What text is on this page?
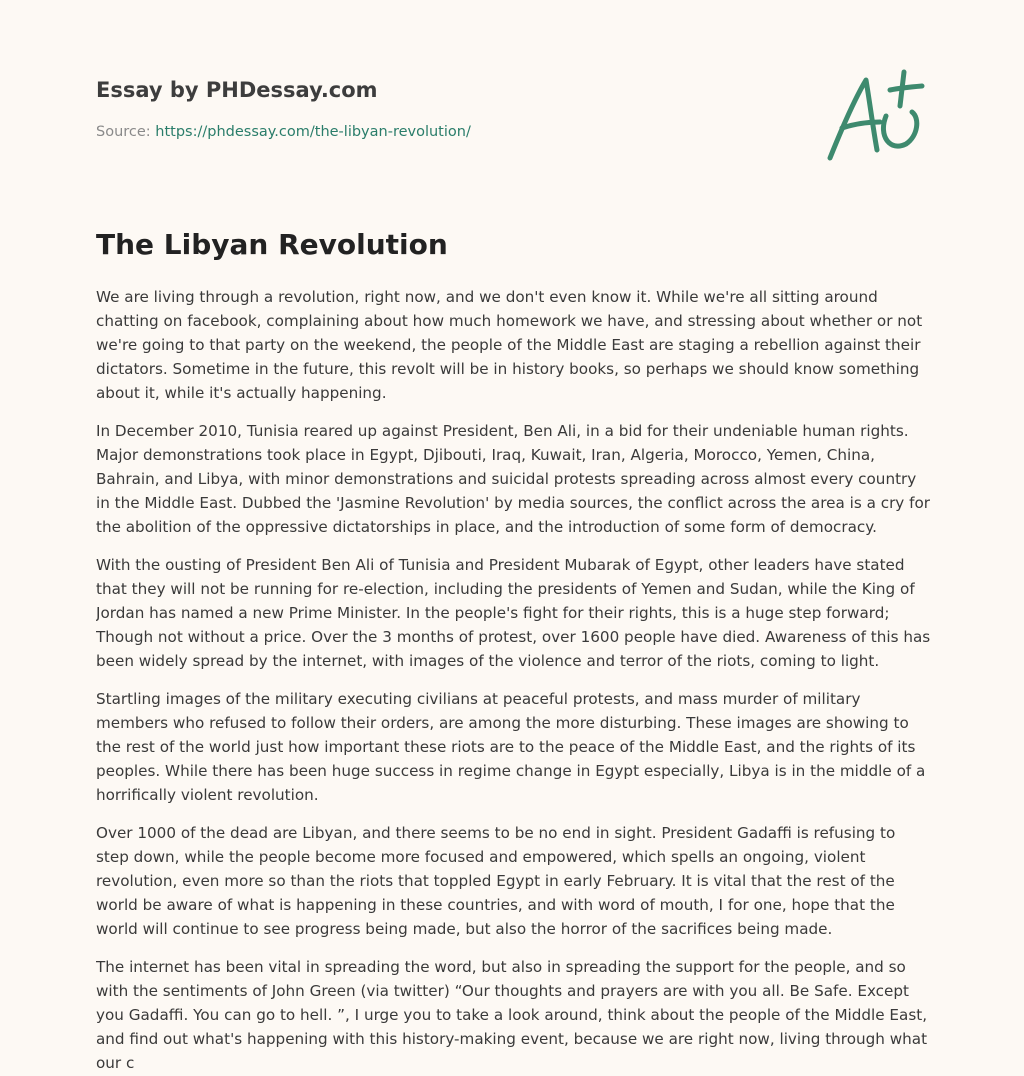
Essay by PHDessay.com
Source: https://phdessay.com/the-libyan-revolution/
The Libyan Revolution

We are living through a revolution, right now, and we don't even know it. While we're all sitting around chatting on facebook, complaining about how much homework we have, and stressing about whether or not we're going to that party on the weekend, the people of the Middle East are staging a rebellion against their dictators. Sometime in the future, this revolt will be in history books, so perhaps we should know something about it, while it's actually happening.

In December 2010, Tunisia reared up against President, Ben Ali, in a bid for their undeniable human rights. Major demonstrations took place in Egypt, Djibouti, Iraq, Kuwait, Iran, Algeria, Morocco, Yemen, China, Bahrain, and Libya, with minor demonstrations and suicidal protests spreading across almost every country in the Middle East. Dubbed the 'Jasmine Revolution' by media sources, the conflict across the area is a cry for the abolition of the oppressive dictatorships in place, and the introduction of some form of democracy.

With the ousting of President Ben Ali of Tunisia and President Mubarak of Egypt, other leaders have stated that they will not be running for re-election, including the presidents of Yemen and Sudan, while the King of Jordan has named a new Prime Minister. In the people's fight for their rights, this is a huge step forward; Though not without a price. Over the 3 months of protest, over 1600 people have died. Awareness of this has been widely spread by the internet, with images of the violence and terror of the riots, coming to light.

Startling images of the military executing civilians at peaceful protests, and mass murder of military members who refused to follow their orders, are among the more disturbing. These images are showing to the rest of the world just how important these riots are to the peace of the Middle East, and the rights of its peoples. While there has been huge success in regime change in Egypt especially, Libya is in the middle of a horrifically violent revolution.

Over 1000 of the dead are Libyan, and there seems to be no end in sight. President Gadaffi is refusing to step down, while the people become more focused and empowered, which spells an ongoing, violent revolution, even more so than the riots that toppled Egypt in early February. It is vital that the rest of the world be aware of what is happening in these countries, and with word of mouth, I for one, hope that the world will continue to see progress being made, but also the horror of the sacrifices being made.

The internet has been vital in spreading the word, but also in spreading the support for the people, and so with the sentiments of John Green (via twitter) “Our thoughts and prayers are with you all. Be Safe. Except you Gadaffi. You can go to hell. ”, I urge you to take a look around, think about the people of the Middle East, and find out what's happening with this history-making event, because we are right now, living through what our c
